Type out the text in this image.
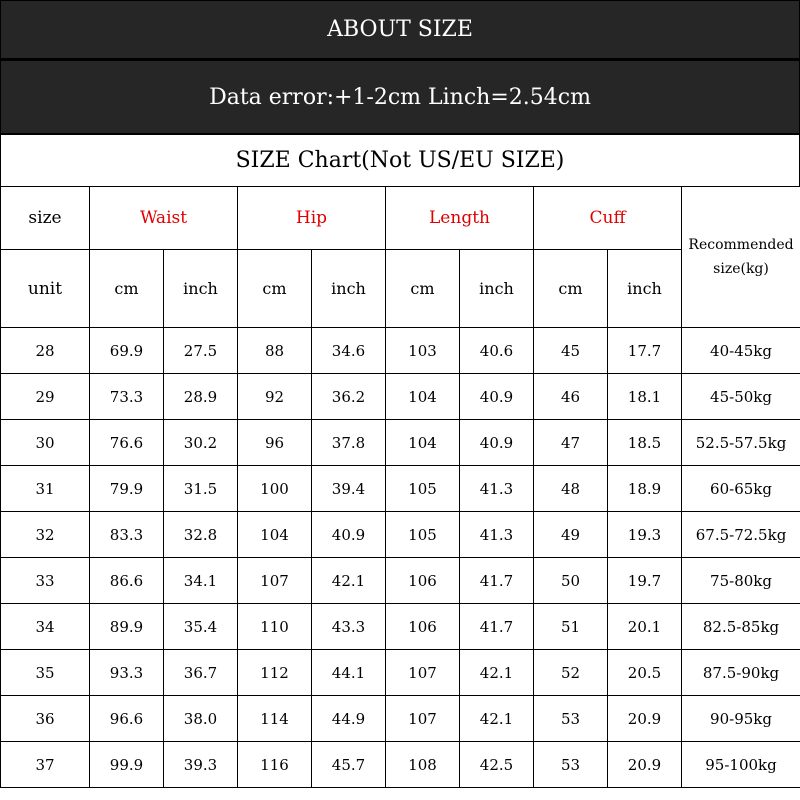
ABOUT SIZE
Data error:+1-2cm Linch=2.54cm
SIZE Chart(Not US/EU SIZE)
size	Waist		Hip		Length		Cuff		Recommended size(kg)
unit	cm	inch	cm	inch	cm	inch	cm	inch	
28	69.9	27.5	88	34.6	103	40.6	45	17.7	40-45kg
29	73.3	28.9	92	36.2	104	40.9	46	18.1	45-50kg
30	76.6	30.2	96	37.8	104	40.9	47	18.5	52.5-57.5kg
31	79.9	31.5	100	39.4	105	41.3	48	18.9	60-65kg
32	83.3	32.8	104	40.9	105	41.3	49	19.3	67.5-72.5kg
33	86.6	34.1	107	42.1	106	41.7	50	19.7	75-80kg
34	89.9	35.4	110	43.3	106	41.7	51	20.1	82.5-85kg
35	93.3	36.7	112	44.1	107	42.1	52	20.5	87.5-90kg
36	96.6	38.0	114	44.9	107	42.1	53	20.9	90-95kg
37	99.9	39.3	116	45.7	108	42.5	53	20.9	95-100kg
